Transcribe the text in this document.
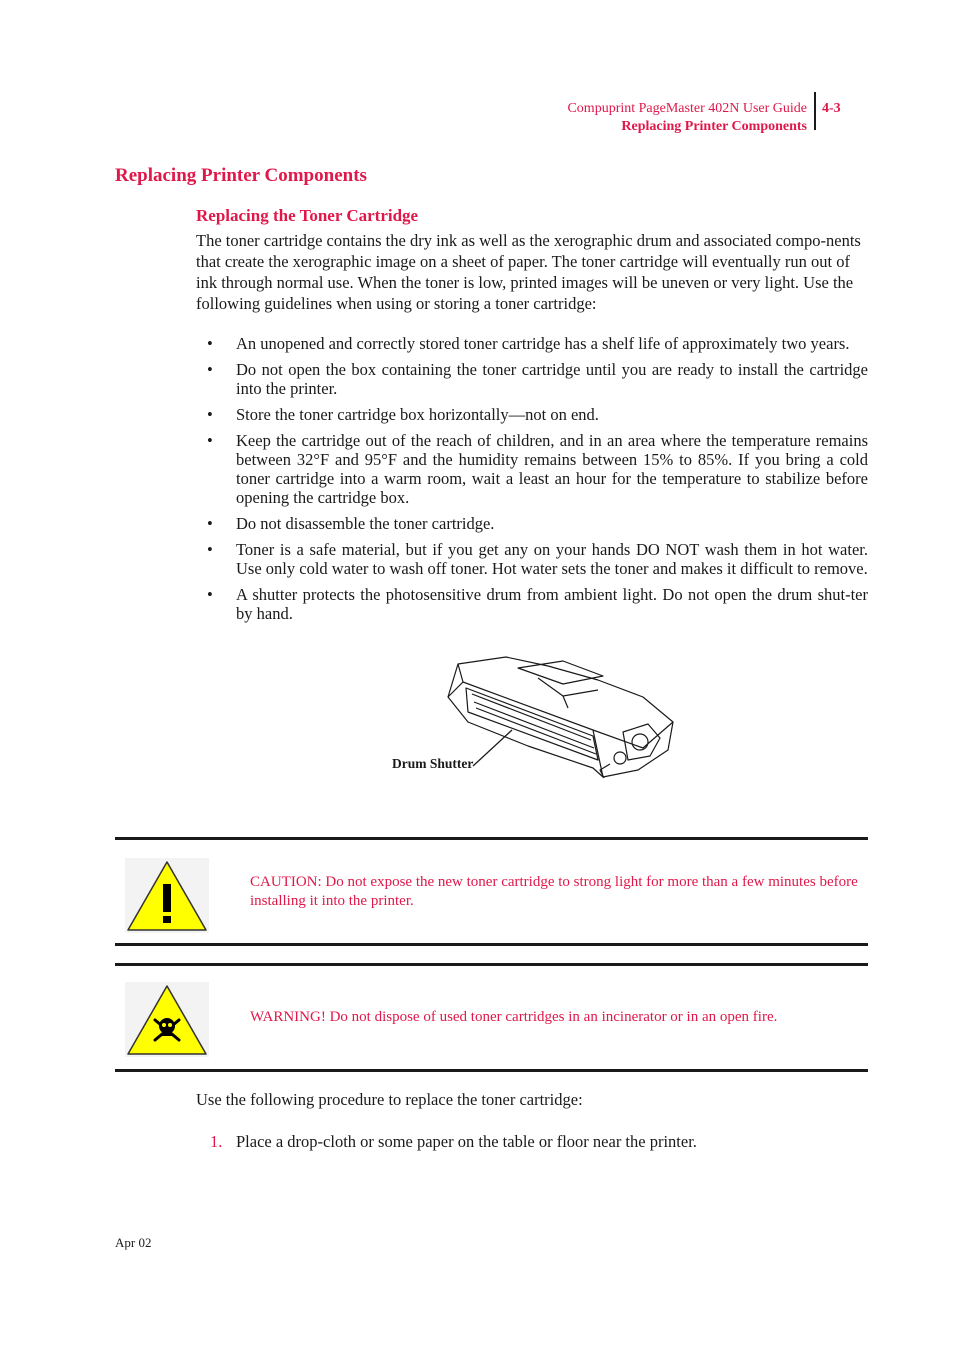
Compuprint PageMaster 402N User Guide
Replacing Printer Components
4-3
Replacing Printer Components
Replacing the Toner Cartridge

The toner cartridge contains the dry ink as well as the xerographic drum and associated compo-nents that create the xerographic image on a sheet of paper. The toner cartridge will eventually run out of ink through normal use. When the toner is low, printed images will be uneven or very light. Use the following guidelines when using or storing a toner cartridge:

• An unopened and correctly stored toner cartridge has a shelf life of approximately two years.
• Do not open the box containing the toner cartridge until you are ready to install the cartridge into the printer.
• Store the toner cartridge box horizontally—not on end.
• Keep the cartridge out of the reach of children, and in an area where the temperature remains between 32°F and 95°F and the humidity remains between 15% to 85%. If you bring a cold toner cartridge into a warm room, wait a least an hour for the temperature to stabilize before opening the cartridge box.
• Do not disassemble the toner cartridge.
• Toner is a safe material, but if you get any on your hands DO NOT wash them in hot water. Use only cold water to wash off toner. Hot water sets the toner and makes it difficult to remove.
• A shutter protects the photosensitive drum from ambient light. Do not open the drum shut-ter by hand.
Drum Shutter
CAUTION: Do not expose the new toner cartridge to strong light for more than a few minutes before installing it into the printer.
WARNING! Do not dispose of used toner cartridges in an incinerator or in an open fire.
Use the following procedure to replace the toner cartridge:
1. Place a drop-cloth or some paper on the table or floor near the printer.
Apr 02
